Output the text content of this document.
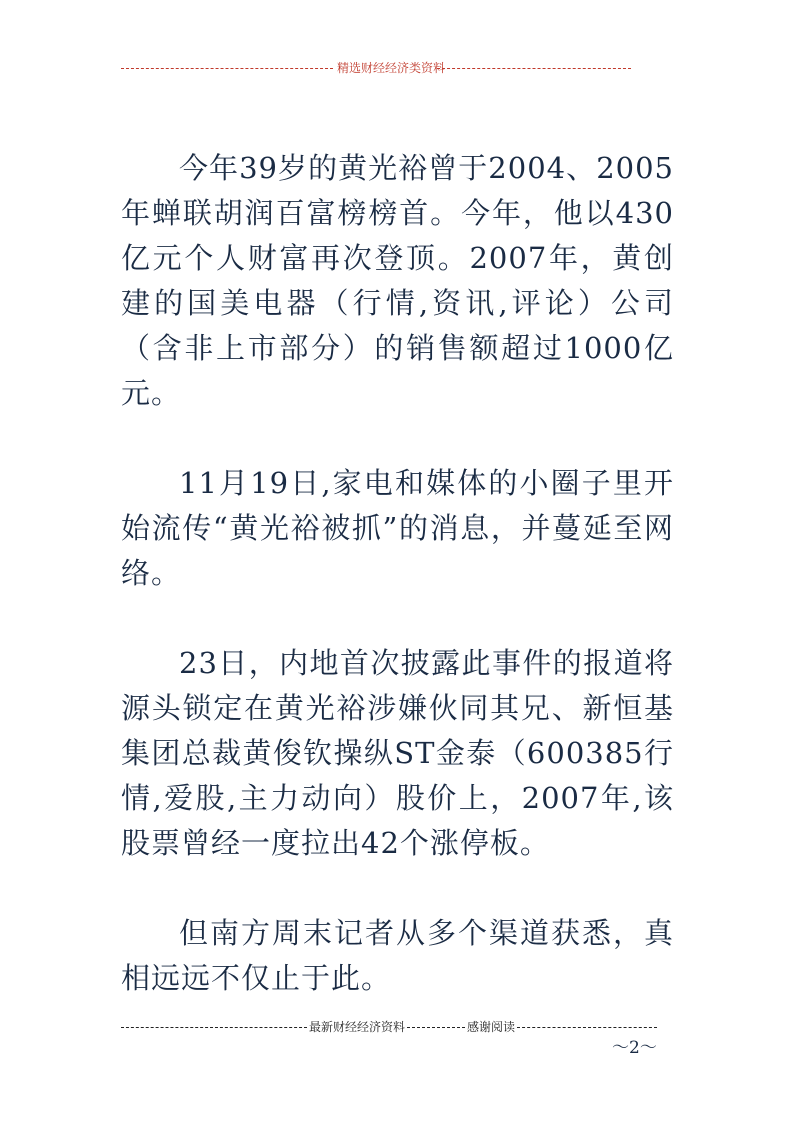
精选财经经济类资料

今年39岁的黄光裕曾于2004、2005年蝉联胡润百富榜榜首。今年，他以430亿元个人财富再次登顶。2007年，黄创建的国美电器（行情,资讯,评论）公司（含非上市部分）的销售额超过1000亿元。

11月19日,家电和媒体的小圈子里开始流传“黄光裕被抓”的消息，并蔓延至网络。

23日，内地首次披露此事件的报道将源头锁定在黄光裕涉嫌伙同其兄、新恒基集团总裁黄俊钦操纵ST金泰（600385行情,爱股,主力动向）股价上，2007年,该股票曾经一度拉出42个涨停板。

但南方周末记者从多个渠道获悉，真相远远不仅止于此。

最新财经经济资料	感谢阅读
～2～
